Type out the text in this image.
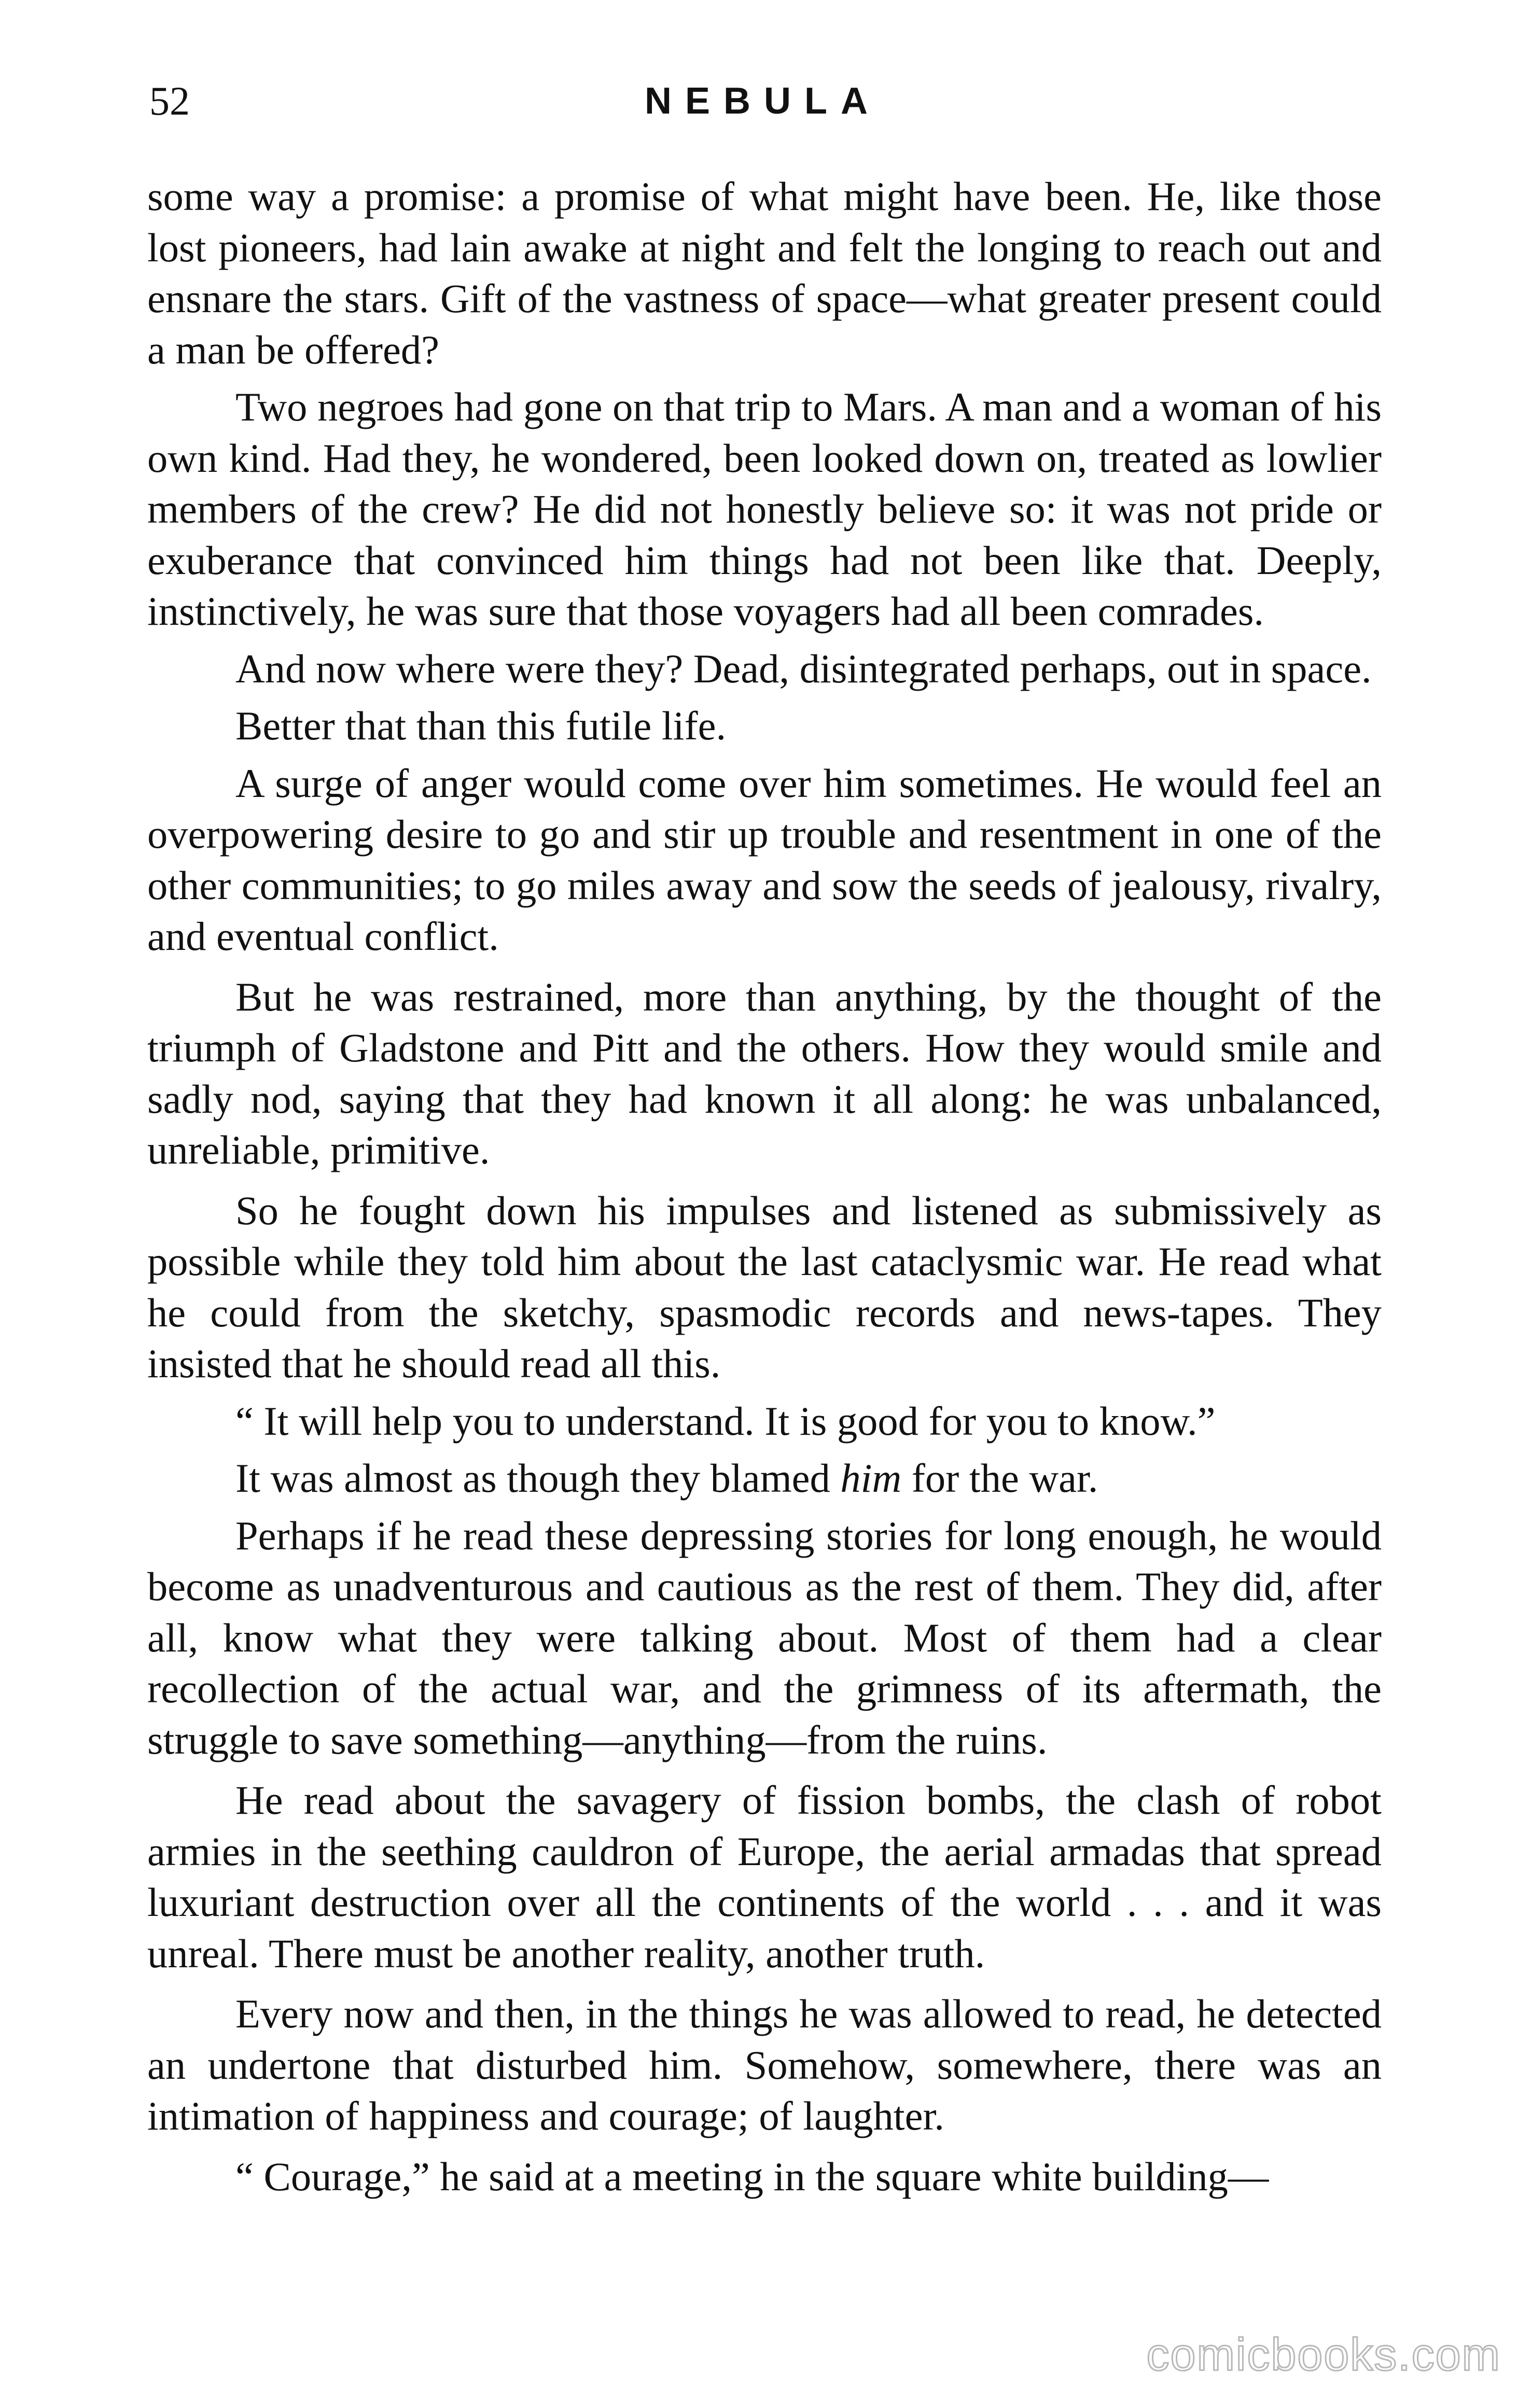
52	NEBULA

some way a promise: a promise of what might have been. He, like those lost pioneers, had lain awake at night and felt the longing to reach out and ensnare the stars. Gift of the vastness of space—what greater present could a man be offered?

Two negroes had gone on that trip to Mars. A man and a woman of his own kind. Had they, he wondered, been looked down on, treated as lowlier members of the crew? He did not honestly believe so: it was not pride or exuberance that convinced him things had not been like that. Deeply, instinctively, he was sure that those voyagers had all been comrades.

And now where were they? Dead, disintegrated perhaps, out in space.

Better that than this futile life.

A surge of anger would come over him sometimes. He would feel an overpowering desire to go and stir up trouble and resentment in one of the other communities; to go miles away and sow the seeds of jealousy, rivalry, and eventual conflict.

But he was restrained, more than anything, by the thought of the triumph of Gladstone and Pitt and the others. How they would smile and sadly nod, saying that they had known it all along: he was unbalanced, unreliable, primitive.

So he fought down his impulses and listened as submissively as possible while they told him about the last cataclysmic war. He read what he could from the sketchy, spasmodic records and news-tapes. They insisted that he should read all this.

“ It will help you to understand. It is good for you to know.”

It was almost as though they blamed him for the war.

Perhaps if he read these depressing stories for long enough, he would become as unadventurous and cautious as the rest of them. They did, after all, know what they were talking about. Most of them had a clear recollection of the actual war, and the grimness of its aftermath, the struggle to save something—anything—from the ruins.

He read about the savagery of fission bombs, the clash of robot armies in the seething cauldron of Europe, the aerial armadas that spread luxuriant destruction over all the continents of the world . . . and it was unreal. There must be another reality, another truth.

Every now and then, in the things he was allowed to read, he detected an undertone that disturbed him. Somehow, somewhere, there was an intimation of happiness and courage; of laughter.

“ Courage,” he said at a meeting in the square white building—

comicbooks.com
